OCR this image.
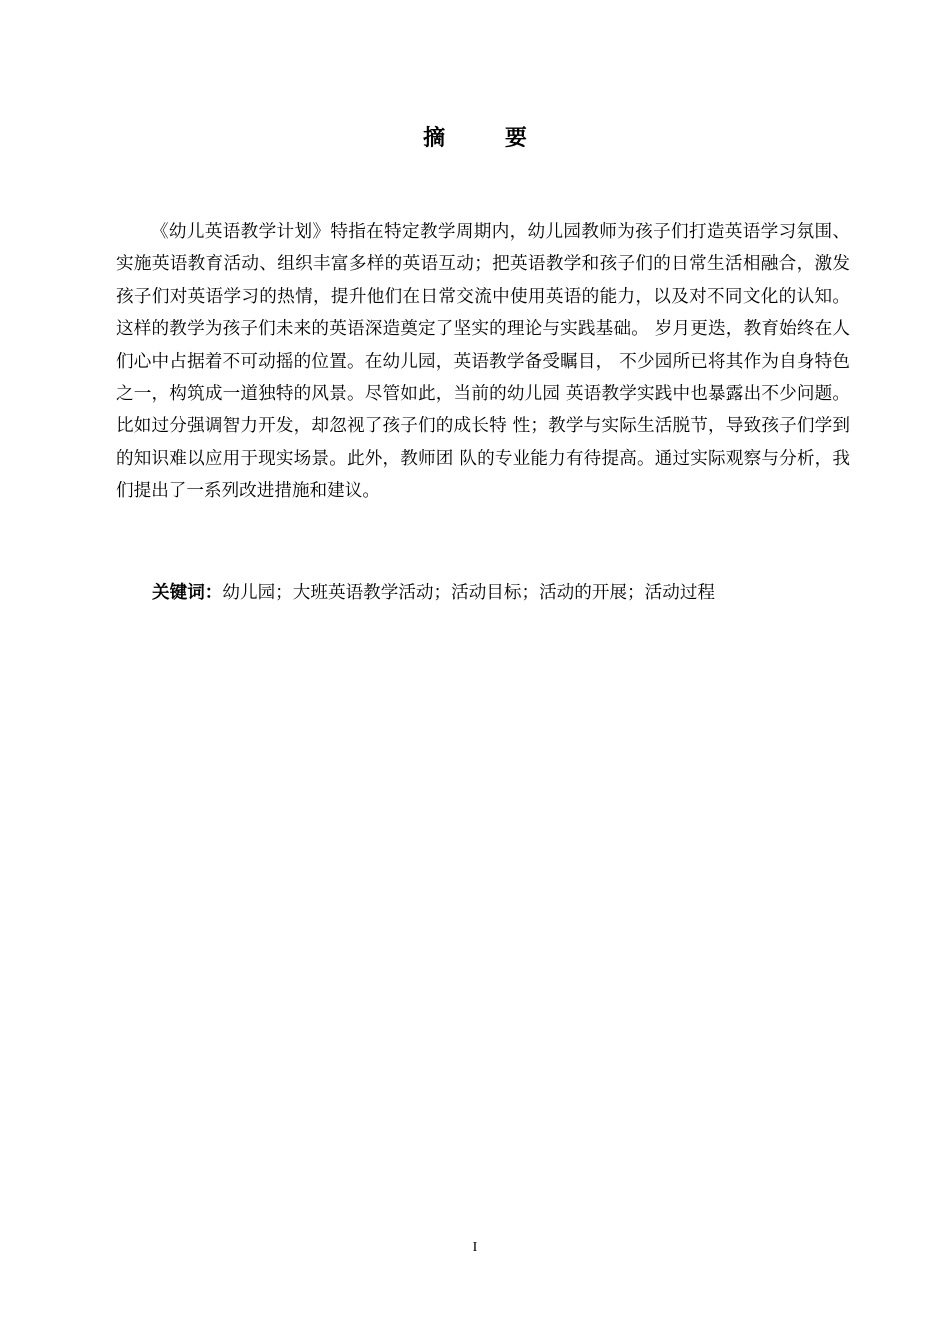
摘 要

《幼儿英语教学计划》特指在特定教学周期内，幼儿园教师为孩子们打造英语学习氛围、实施英语教育活动、组织丰富多样的英语互动；把英语教学和孩子们的日常生活相融合，激发孩子们对英语学习的热情，提升他们在日常交流中使用英语的能力，以及对不同文化的认知。这样的教学为孩子们未来的英语深造奠定了坚实的理论与实践基础。 岁月更迭，教育始终在人们心中占据着不可动摇的位置。在幼儿园，英语教学备受瞩目， 不少园所已将其作为自身特色之一，构筑成一道独特的风景。尽管如此，当前的幼儿园 英语教学实践中也暴露出不少问题。比如过分强调智力开发，却忽视了孩子们的成长特 性；教学与实际生活脱节，导致孩子们学到的知识难以应用于现实场景。此外，教师团 队的专业能力有待提高。通过实际观察与分析，我们提出了一系列改进措施和建议。

关键词：幼儿园；大班英语教学活动；活动目标；活动的开展；活动过程
I
